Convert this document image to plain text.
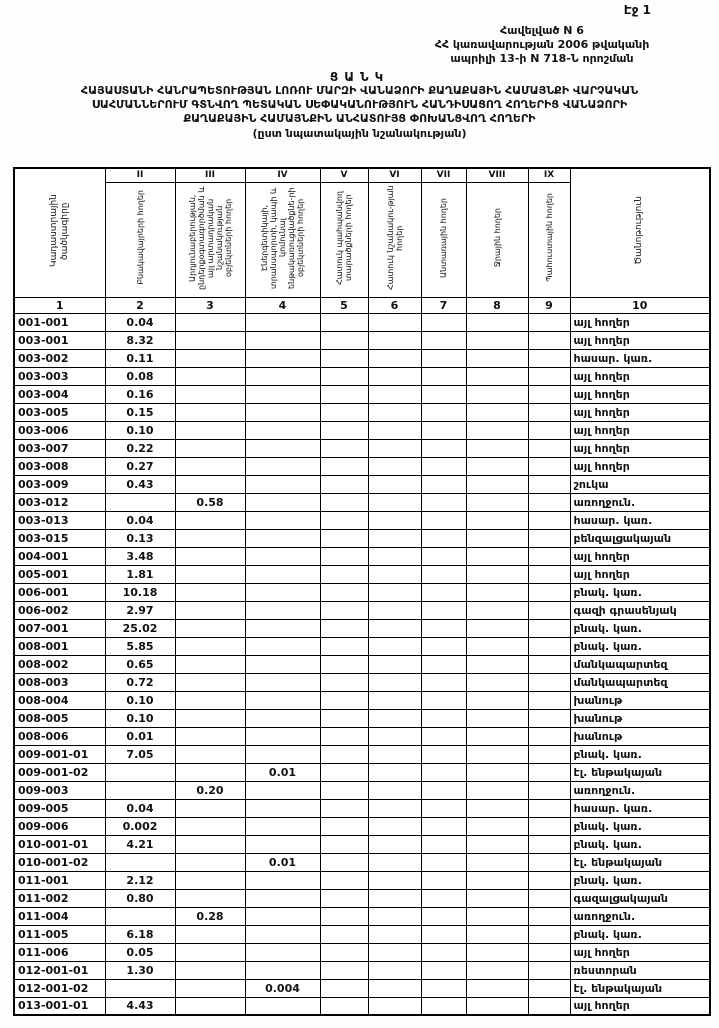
Էջ 1
Հավելված N 6
ՀՀ կառավարության 2006 թվականի
ապրիլի 13-ի N 718-Ն որոշման
ՑԱՆԿ
ՀԱՅԱՍՏԱՆԻ ՀԱՆՐԱՊԵՏՈՒԹՅԱՆ ԼՈՌՈՒ ՄԱՐԶԻ ՎԱՆԱՁՈՐԻ ՔԱՂԱՔԱՅԻՆ ՀԱՄԱՅՆՔԻ ՎԱՐՉԱԿԱՆ
ՍԱՀՄԱՆՆԵՐՈՒՄ ԳՏՆՎՈՂ ՊԵՏԱԿԱՆ ՍԵՓԱԿԱՆՈՒԹՅՈՒՆ ՀԱՆԴԻՍԱՑՈՂ ՀՈՂԵՐԻՑ ՎԱՆԱՁՈՐԻ
ՔԱՂԱՔԱՅԻՆ ՀԱՄԱՅՆՔԻՆ ԱՆՀԱՏՈՒՅՑ ՓՈԽԱՆՑՎՈՂ ՀՈՂԵՐԻ
(ըստ նպատակային նշանակության)
Կադաստրային ծածկագիրը	II	III	IV	V	VI	VII	VIII	IX	Ծանոթություն
	Բնակավայրերի հողեր	Արդյունաբերության, ընդերքօգտագործման և այլ արտադրական նշանակության օբյեկտների հողեր	Էներգետիկայի, տրանսպորտի, կապի և կոմունալ ենթակառուցվածքնե-րի օբյեկտների հողեր	Հատուկ պահպանվող տարածքների հողեր	Հատուկ նշանակու-թյան հողեր	Անտառային հողեր	Ջրային հողեր	Պահուստային հողեր	
1	2	3	4	5	6	7	8	9	10
001-001	0.04								այլ հողեր
003-001	8.32								այլ հողեր
003-002	0.11								հասար. կառ.
003-003	0.08								այլ հողեր
003-004	0.16								այլ հողեր
003-005	0.15								այլ հողեր
003-006	0.10								այլ հողեր
003-007	0.22								այլ հողեր
003-008	0.27								այլ հողեր
003-009	0.43								շուկա
003-012		0.58							առողջուն.
003-013	0.04								հասար. կառ.
003-015	0.13								բենզալցակայան
004-001	3.48								այլ հողեր
005-001	1.81								այլ հողեր
006-001	10.18								բնակ. կառ.
006-002	2.97								գազի գրասենյակ
007-001	25.02								բնակ. կառ.
008-001	5.85								բնակ. կառ.
008-002	0.65								մանկապարտեզ
008-003	0.72								մանկապարտեզ
008-004	0.10								խանութ
008-005	0.10								խանութ
008-006	0.01								խանութ
009-001-01	7.05								բնակ. կառ.
009-001-02			0.01						էլ. ենթակայան
009-003		0.20							առողջուն.
009-005	0.04								հասար. կառ.
009-006	0.002								բնակ. կառ.
010-001-01	4.21								բնակ. կառ.
010-001-02			0.01						էլ. ենթակայան
011-001	2.12								բնակ. կառ.
011-002	0.80								գազալցակայան
011-004		0.28							առողջուն.
011-005	6.18								բնակ. կառ.
011-006	0.05								այլ հողեր
012-001-01	1.30								ռեստորան
012-001-02			0.004						էլ. ենթակայան
013-001-01	4.43								այլ հողեր
